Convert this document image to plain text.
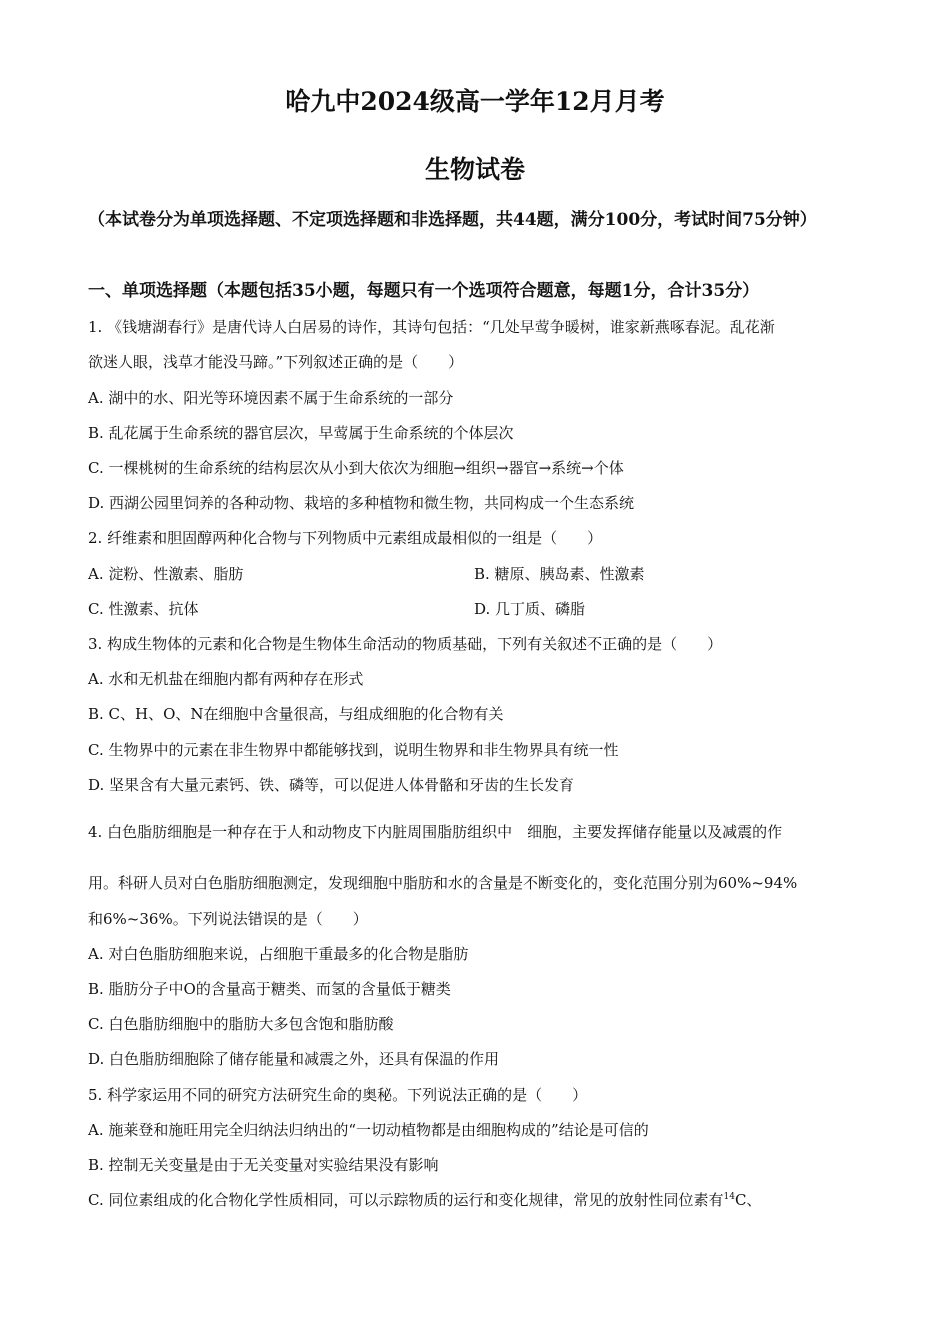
哈九中2024级高一学年12月月考
生物试卷
（本试卷分为单项选择题、不定项选择题和非选择题，共44题，满分100分，考试时间75分钟）
一、单项选择题（本题包括35小题，每题只有一个选项符合题意，每题1分，合计35分）
1. 《钱塘湖春行》是唐代诗人白居易的诗作，其诗句包括：“几处早莺争暖树，谁家新燕啄春泥。乱花渐
欲迷人眼，浅草才能没马蹄。”下列叙述正确的是（　　）
A. 湖中的水、阳光等环境因素不属于生命系统的一部分
B. 乱花属于生命系统的器官层次，早莺属于生命系统的个体层次
C. 一棵桃树的生命系统的结构层次从小到大依次为细胞→组织→器官→系统→个体
D. 西湖公园里饲养的各种动物、栽培的多种植物和微生物，共同构成一个生态系统
2. 纤维素和胆固醇两种化合物与下列物质中元素组成最相似的一组是（　　）
A. 淀粉、性激素、脂肪	B. 糖原、胰岛素、性激素
C. 性激素、抗体	D. 几丁质、磷脂
3. 构成生物体的元素和化合物是生物体生命活动的物质基础，下列有关叙述不正确的是（　　）
A. 水和无机盐在细胞内都有两种存在形式
B. C、H、O、N在细胞中含量很高，与组成细胞的化合物有关
C. 生物界中的元素在非生物界中都能够找到，说明生物界和非生物界具有统一性
D. 坚果含有大量元素钙、铁、磷等，可以促进人体骨骼和牙齿的生长发育
4. 白色脂肪细胞是一种存在于人和动物皮下内脏周围脂肪组织中　细胞，主要发挥储存能量以及减震的作
用。科研人员对白色脂肪细胞测定，发现细胞中脂肪和水的含量是不断变化的，变化范围分别为60%~94%
和6%~36%。下列说法错误的是（　　）
A. 对白色脂肪细胞来说，占细胞干重最多的化合物是脂肪
B. 脂肪分子中O的含量高于糖类、而氢的含量低于糖类
C. 白色脂肪细胞中的脂肪大多包含饱和脂肪酸
D. 白色脂肪细胞除了储存能量和减震之外，还具有保温的作用
5. 科学家运用不同的研究方法研究生命的奥秘。下列说法正确的是（　　）
A. 施莱登和施旺用完全归纳法归纳出的“一切动植物都是由细胞构成的”结论是可信的
B. 控制无关变量是由于无关变量对实验结果没有影响
C. 同位素组成的化合物化学性质相同，可以示踪物质的运行和变化规律，常见的放射性同位素有$^{14}$C、
